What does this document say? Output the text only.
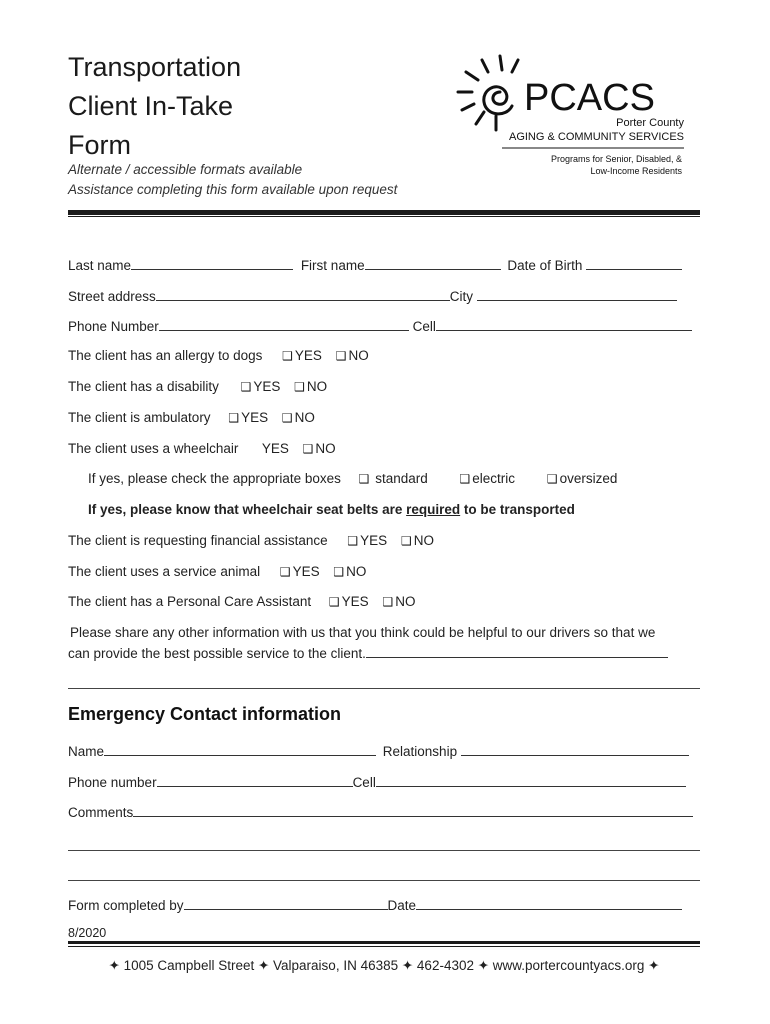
Transportation
Client In-Take
Form
Alternate / accessible formats available
Assistance completing this form available upon request
PCACS
Porter County
AGING & COMMUNITY SERVICES
Programs for Senior, Disabled, &
Low-Income Residents
Last name	First name	Date of Birth
Street address	City
Phone Number	Cell
The client has an allergy to dogs ❑ YES ❑ NO
The client has a disability ❑ YES ❑ NO
The client is ambulatory ❑ YES ❑ NO
The client uses a wheelchair YES ❑ NO
If yes, please check the appropriate boxes ❑ standard	❑ electric	❑ oversized
If yes, please know that wheelchair seat belts are required to be transported
The client is requesting financial assistance ❑ YES ❑ NO
The client uses a service animal ❑ YES ❑ NO
The client has a Personal Care Assistant ❑ YES ❑ NO
Please share any other information with us that you think could be helpful to our drivers so that we
can provide the best possible service to the client.
Emergency Contact information
Name	Relationship
Phone number	Cell
Comments
Form completed by	Date
8/2020
✦ 1005 Campbell Street ✦ Valparaiso, IN 46385 ✦ 462-4302 ✦ www.portercountyacs.org ✦
